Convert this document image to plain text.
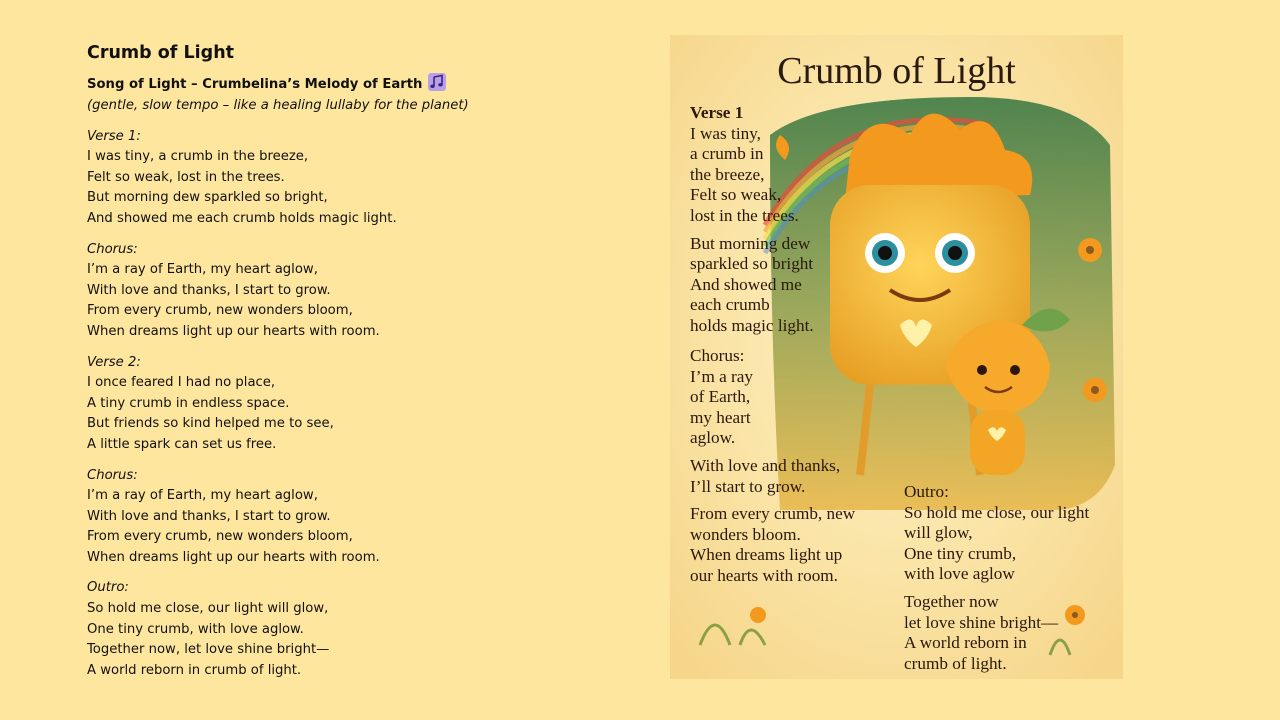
Crumb of Light
Song of Light – Crumbelina’s Melody of Earth
(gentle, slow tempo – like a healing lullaby for the planet)
Verse 1:
I was tiny, a crumb in the breeze,
Felt so weak, lost in the trees.
But morning dew sparkled so bright,
And showed me each crumb holds magic light.
Chorus:
I’m a ray of Earth, my heart aglow,
With love and thanks, I start to grow.
From every crumb, new wonders bloom,
When dreams light up our hearts with room.
Verse 2:
I once feared I had no place,
A tiny crumb in endless space.
But friends so kind helped me to see,
A little spark can set us free.
Chorus:
I’m a ray of Earth, my heart aglow,
With love and thanks, I start to grow.
From every crumb, new wonders bloom,
When dreams light up our hearts with room.
Outro:
So hold me close, our light will glow,
One tiny crumb, with love aglow.
Together now, let love shine bright—
A world reborn in crumb of light.
Crumb of Light
Verse 1
I was tiny,
a crumb in
the breeze,
Felt so weak,
lost in the trees.
But morning dew
sparkled so bright
And showed me
each crumb
holds magic light.
Chorus:
I’m a ray
of Earth,
my heart
aglow.
With love and thanks,
I’ll start to grow.
From every crumb, new
wonders bloom.
When dreams light up
our hearts with room.
Outro:
So hold me close, our light
will glow,
One tiny crumb,
with love aglow
Together now
let love shine bright—
A world reborn in
crumb of light.
